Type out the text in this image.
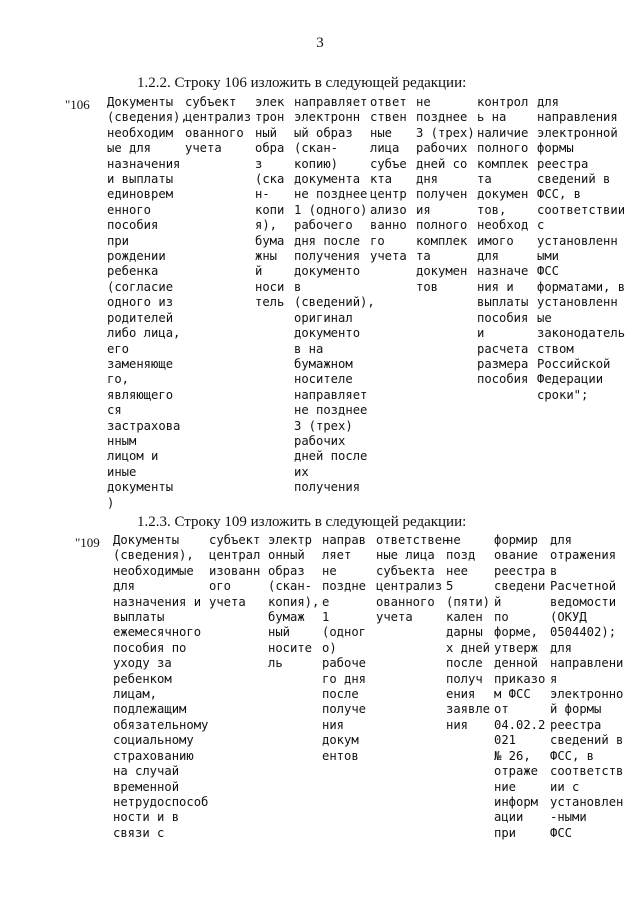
3
1.2.2. Строку 106 изложить в следующей редакции:
"106 Документы
(сведения),
необходим
ые для
назначения
и выплаты
единоврем
енного
пособия
при
рождении
ребенка
(согласие
одного из
родителей
либо лица,
его
заменяюще
го,
являющего
ся
застрахова
нным
лицом и
иные
документы
)
субъект
централиз
ованного
учета
элек
трон
ный
обра
з
(ска
н-
копи
я),
бума
жны
й
носи
тель
направляет
электронн
ый образ
(скан-
копию)
документа
не позднее
1 (одного)
рабочего
дня после
получения
документо
в
(сведений),
оригинал
документо
в на
бумажном
носителе
направляет
не позднее
3 (трех)
рабочих
дней после
их
получения
ответ
ствен
ные
лица
субъе
кта
центр
ализо
ванно
го
учета
не
позднее
3 (трех)
рабочих
дней со
дня
получен
ия
полного
комплек
та
докумен
тов
контрол
ь на
наличие
полного
комплек
та
докумен
тов,
необход
имого
для
назначе
ния и
выплаты
пособия
и
расчета
размера
пособия
для
направления
электронной
формы
реестра
сведений в
ФСС, в
соответствии
с
установленн
ыми
ФСС
форматами, в
установленн
ые
законодатель
ством
Российской
Федерации
сроки";
1.2.3. Строку 109 изложить в следующей редакции:
"109 Документы
(сведения),
необходимые
для
назначения и
выплаты
ежемесячного
пособия по
уходу за
ребенком
лицам,
подлежащим
обязательному
социальному
страхованию
на случай
временной
нетрудоспособ
ности и в
связи с
субъект
централ
изованн
ого
учета
электр
онный
образ
(скан-
копия),
бумаж
ный
носите
ль
направ
ляет
не
поздне
е
1
(одног
о)
рабоче
го дня
после
получе
ния
докум
ентов
ответствен
ные лица
субъекта
централиз
ованного
учета
не
позд
нее
5
(пяти)
кален
дарны
х дней
после
получ
ения
заявле
ния
формир
ование
реестра
сведени
й
по
форме,
утверж
денной
приказо
м ФСС
от
04.02.2
021
№ 26,
отраже
ние
информ
ации
при
для
отражения
в
Расчетной
ведомости
(ОКУД
0504402);
для
направлени
я
электронно
й формы
реестра
сведений в
ФСС, в
соответств
ии с
установлен
-ными
ФСС
